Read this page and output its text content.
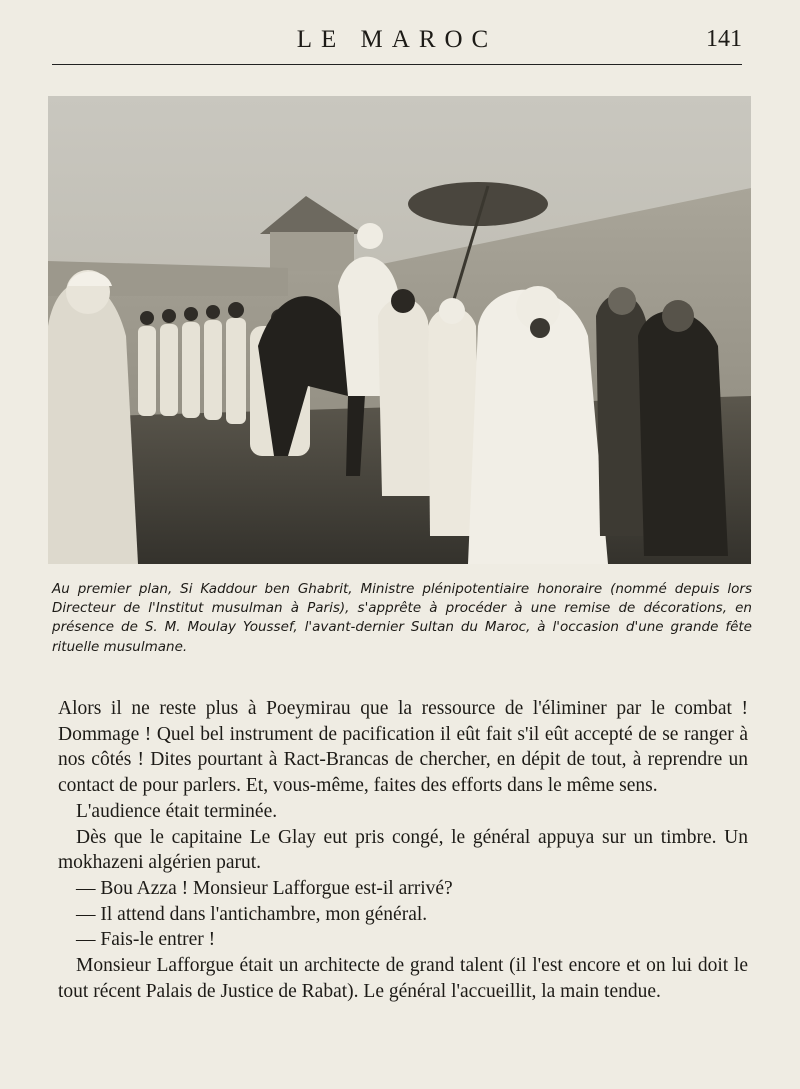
LE MAROC	141
Au premier plan, Si Kaddour ben Ghabrit, Ministre plénipotentiaire honoraire (nommé depuis lors Directeur de l'Institut musulman à Paris), s'apprête à procéder à une remise de décorations, en présence de S. M. Moulay Youssef, l'avant-dernier Sultan du Maroc, à l'occasion d'une grande fête rituelle musulmane.

Alors il ne reste plus à Poeymirau que la ressource de l'éliminer par le combat ! Dommage ! Quel bel instrument de pacification il eût fait s'il eût accepté de se ranger à nos côtés ! Dites pourtant à Ract-Brancas de chercher, en dépit de tout, à reprendre un contact de pour parlers. Et, vous-même, faites des efforts dans le même sens.

L'audience était terminée.

Dès que le capitaine Le Glay eut pris congé, le général appuya sur un timbre. Un mokhazeni algérien parut.

— Bou Azza ! Monsieur Lafforgue est-il arrivé?

— Il attend dans l'antichambre, mon général.

— Fais-le entrer !

Monsieur Lafforgue était un architecte de grand talent (il l'est encore et on lui doit le tout récent Palais de Justice de Rabat). Le général l'accueillit, la main tendue.
